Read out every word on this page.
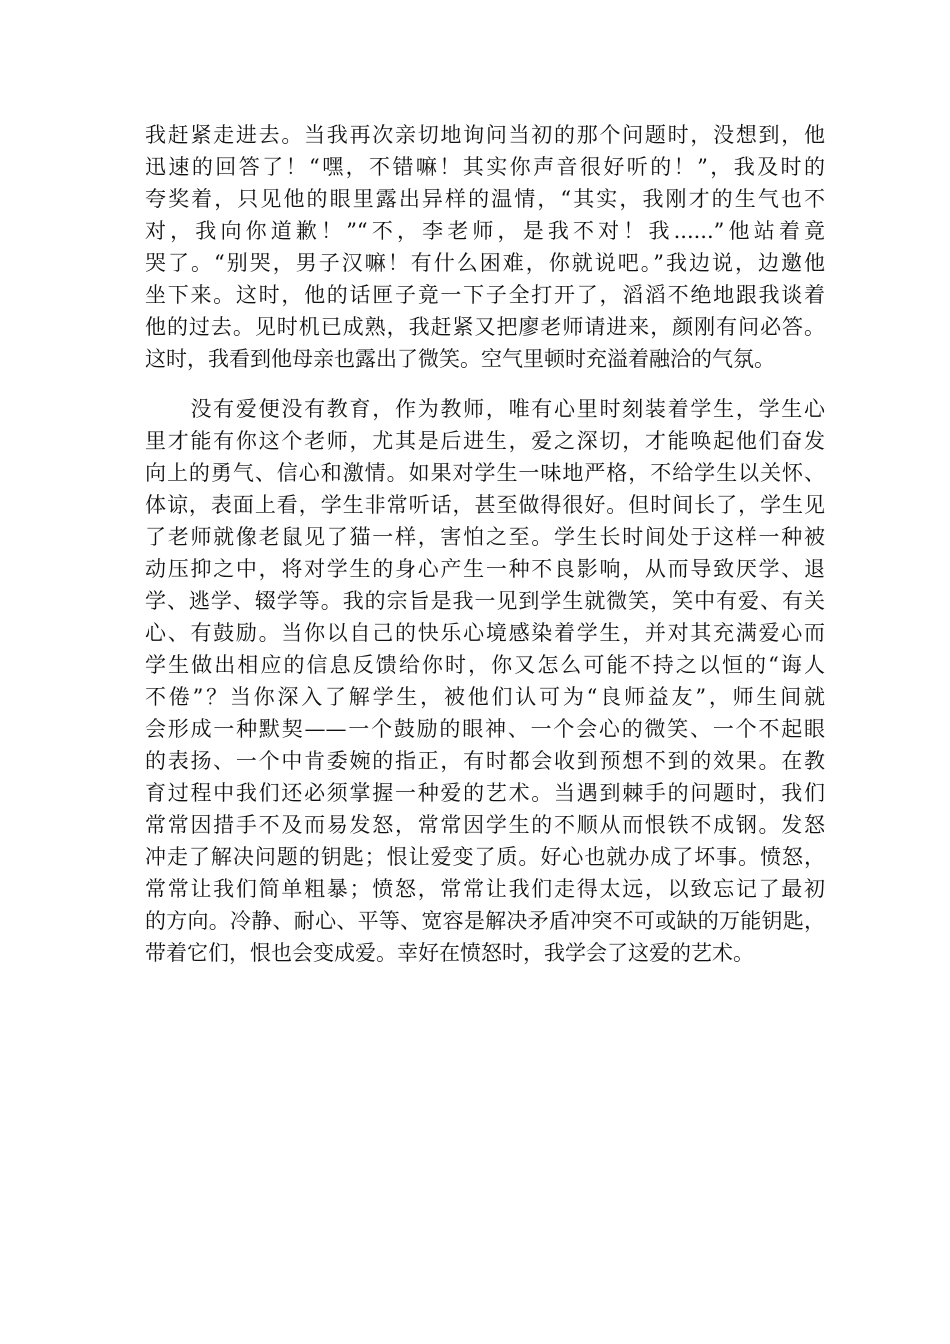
我赶紧走进去。当我再次亲切地询问当初的那个问题时，没想到，他
迅速的回答了！“嘿，不错嘛！其实你声音很好听的！”，我及时的
夸奖着，只见他的眼里露出异样的温情，“其实，我刚才的生气也不
对，我向你道歉！”“不，李老师，是我不对！我......”他站着竟
哭了。“别哭，男子汉嘛！有什么困难，你就说吧。”我边说，边邀他
坐下来。这时，他的话匣子竟一下子全打开了，滔滔不绝地跟我谈着
他的过去。见时机已成熟，我赶紧又把廖老师请进来，颜刚有问必答。
这时，我看到他母亲也露出了微笑。空气里顿时充溢着融洽的气氛。
　　没有爱便没有教育，作为教师，唯有心里时刻装着学生，学生心
里才能有你这个老师，尤其是后进生，爱之深切，才能唤起他们奋发
向上的勇气、信心和激情。如果对学生一味地严格，不给学生以关怀、
体谅，表面上看，学生非常听话，甚至做得很好。但时间长了，学生见
了老师就像老鼠见了猫一样，害怕之至。学生长时间处于这样一种被
动压抑之中，将对学生的身心产生一种不良影响，从而导致厌学、退
学、逃学、辍学等。我的宗旨是我一见到学生就微笑，笑中有爱、有关
心、有鼓励。当你以自己的快乐心境感染着学生，并对其充满爱心而
学生做出相应的信息反馈给你时，你又怎么可能不持之以恒的“诲人
不倦”？当你深入了解学生，被他们认可为“良师益友”，师生间就
会形成一种默契——一个鼓励的眼神、一个会心的微笑、一个不起眼
的表扬、一个中肯委婉的指正，有时都会收到预想不到的效果。在教
育过程中我们还必须掌握一种爱的艺术。当遇到棘手的问题时，我们
常常因措手不及而易发怒，常常因学生的不顺从而恨铁不成钢。发怒
冲走了解决问题的钥匙；恨让爱变了质。好心也就办成了坏事。愤怒，
常常让我们简单粗暴；愤怒，常常让我们走得太远，以致忘记了最初
的方向。冷静、耐心、平等、宽容是解决矛盾冲突不可或缺的万能钥匙，
带着它们，恨也会变成爱。幸好在愤怒时，我学会了这爱的艺术。
